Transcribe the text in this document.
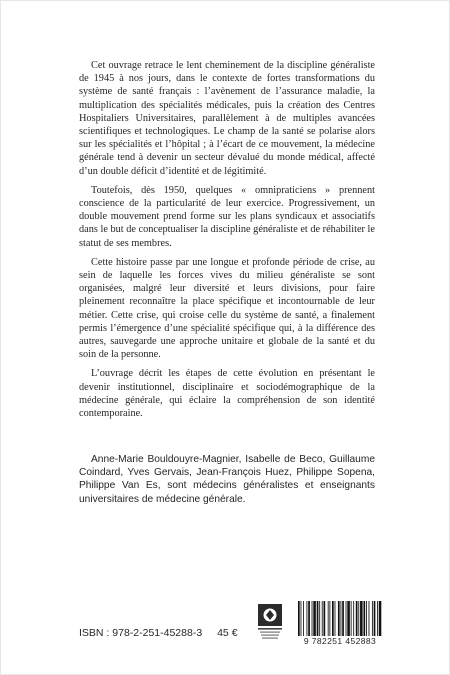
Cet ouvrage retrace le lent cheminement de la discipline généraliste de 1945 à nos jours, dans le contexte de fortes transformations du système de santé français : l’avènement de l’assurance maladie, la multiplication des spécialités médicales, puis la création des Centres Hospitaliers Universitaires, parallèlement à de multiples avancées scientifiques et technologiques. Le champ de la santé se polarise alors sur les spécialités et l’hôpital ; à l’écart de ce mouvement, la médecine générale tend à devenir un secteur dévalué du monde médical, affecté d’un double déficit d’identité et de légitimité.

Toutefois, dès 1950, quelques « omnipraticiens » prennent conscience de la particularité de leur exercice. Progressivement, un double mouvement prend forme sur les plans syndicaux et associatifs dans le but de conceptualiser la discipline généraliste et de réhabiliter le statut de ses membres.

Cette histoire passe par une longue et profonde période de crise, au sein de laquelle les forces vives du milieu généraliste se sont organisées, malgré leur diversité et leurs divisions, pour faire pleinement reconnaître la place spécifique et incontournable de leur métier. Cette crise, qui croise celle du système de santé, a finalement permis l’émergence d’une spécialité spécifique qui, à la différence des autres, sauvegarde une approche unitaire et globale de la santé et du soin de la personne.

L’ouvrage décrit les étapes de cette évolution en présentant le devenir institutionnel, disciplinaire et sociodémographique de la médecine générale, qui éclaire la compréhension de son identité contemporaine.

Anne-Marie Bouldouyre-Magnier, Isabelle de Beco, Guillaume Coindard, Yves Gervais, Jean-François Huez, Philippe Sopena, Philippe Van Es, sont médecins généralistes et enseignants universitaires de médecine générale.

ISBN : 978-2-251-45288-3 45 €
9 782251 452883
